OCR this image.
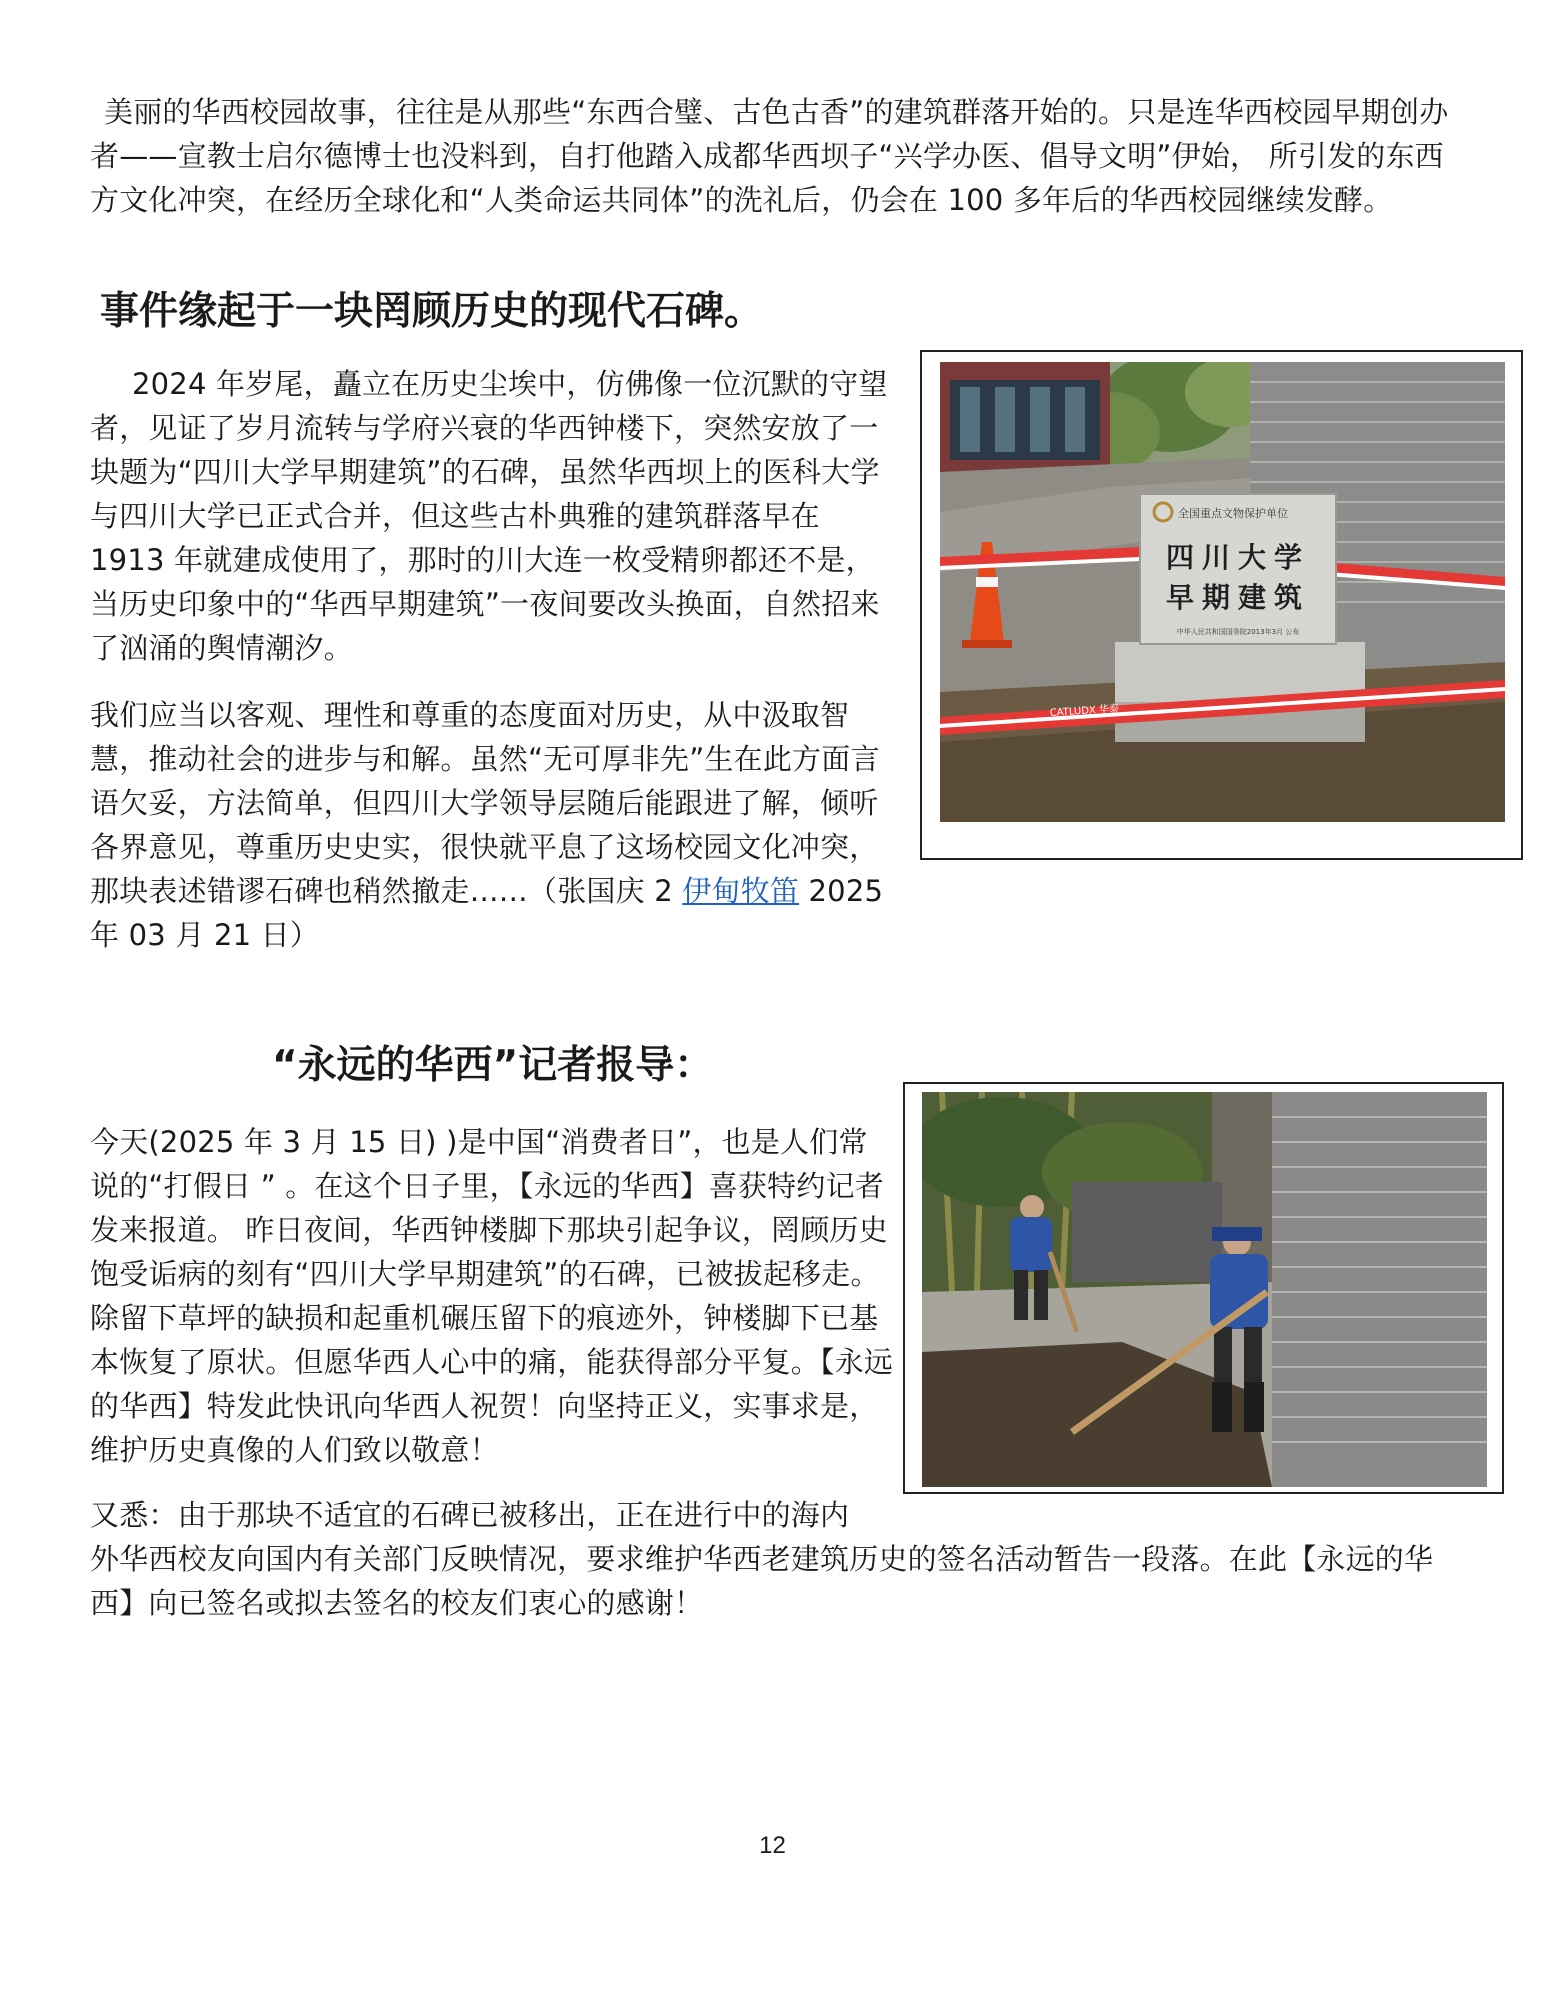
美丽的华西校园故事，往往是从那些“东西合璧、古色古香”的建筑群落开始的。只是连华西校园早期创办者——宣教士启尔德博士也没料到，自打他踏入成都华西坝子“兴学办医、倡导文明”伊始， 所引发的东西方文化冲突，在经历全球化和“人类命运共同体”的洗礼后，仍会在 100 多年后的华西校园继续发酵。

事件缘起于一块罔顾历史的现代石碑。

2024 年岁尾，矗立在历史尘埃中，仿佛像一位沉默的守望者，见证了岁月流转与学府兴衰的华西钟楼下，突然安放了一块题为“四川大学早期建筑”的石碑，虽然华西坝上的医科大学与四川大学已正式合并，但这些古朴典雅的建筑群落早在 1913 年就建成使用了，那时的川大连一枚受精卵都还不是，当历史印象中的“华西早期建筑”一夜间要改头换面，自然招来了汹涌的舆情潮汐。

我们应当以客观、理性和尊重的态度面对历史，从中汲取智慧，推动社会的进步与和解。虽然“无可厚非先”生在此方面言语欠妥，方法简单，但四川大学领导层随后能跟进了解，倾听各界意见，尊重历史史实，很快就平息了这场校园文化冲突，那块表述错谬石碑也稍然撤走……（张国庆 2 伊甸牧笛 2025 年 03 月 21 日）

全国重点文物保护单位
四川大学
早期建筑
中华人民共和国国务院2013年3月 公布
CATLUDX 华泰
“永远的华西”记者报导：

今天(2025 年 3 月 15 日) )是中国“消费者日”，也是人们常说的“打假日 ” 。在这个日子里，【永远的华西】喜获特约记者发来报道。 昨日夜间，华西钟楼脚下那块引起争议，罔顾历史饱受诟病的刻有“四川大学早期建筑”的石碑，已被拔起移走。除留下草坪的缺损和起重机碾压留下的痕迹外，钟楼脚下已基本恢复了原状。但愿华西人心中的痛，能获得部分平复。【永远的华西】特发此快讯向华西人祝贺！向坚持正义，实事求是，维护历史真像的人们致以敬意！

又悉：由于那块不适宜的石碑已被移出，正在进行中的海内
外华西校友向国内有关部门反映情况，要求维护华西老建筑历史的签名活动暂告一段落。在此【永远的华西】向已签名或拟去签名的校友们衷心的感谢！

12
